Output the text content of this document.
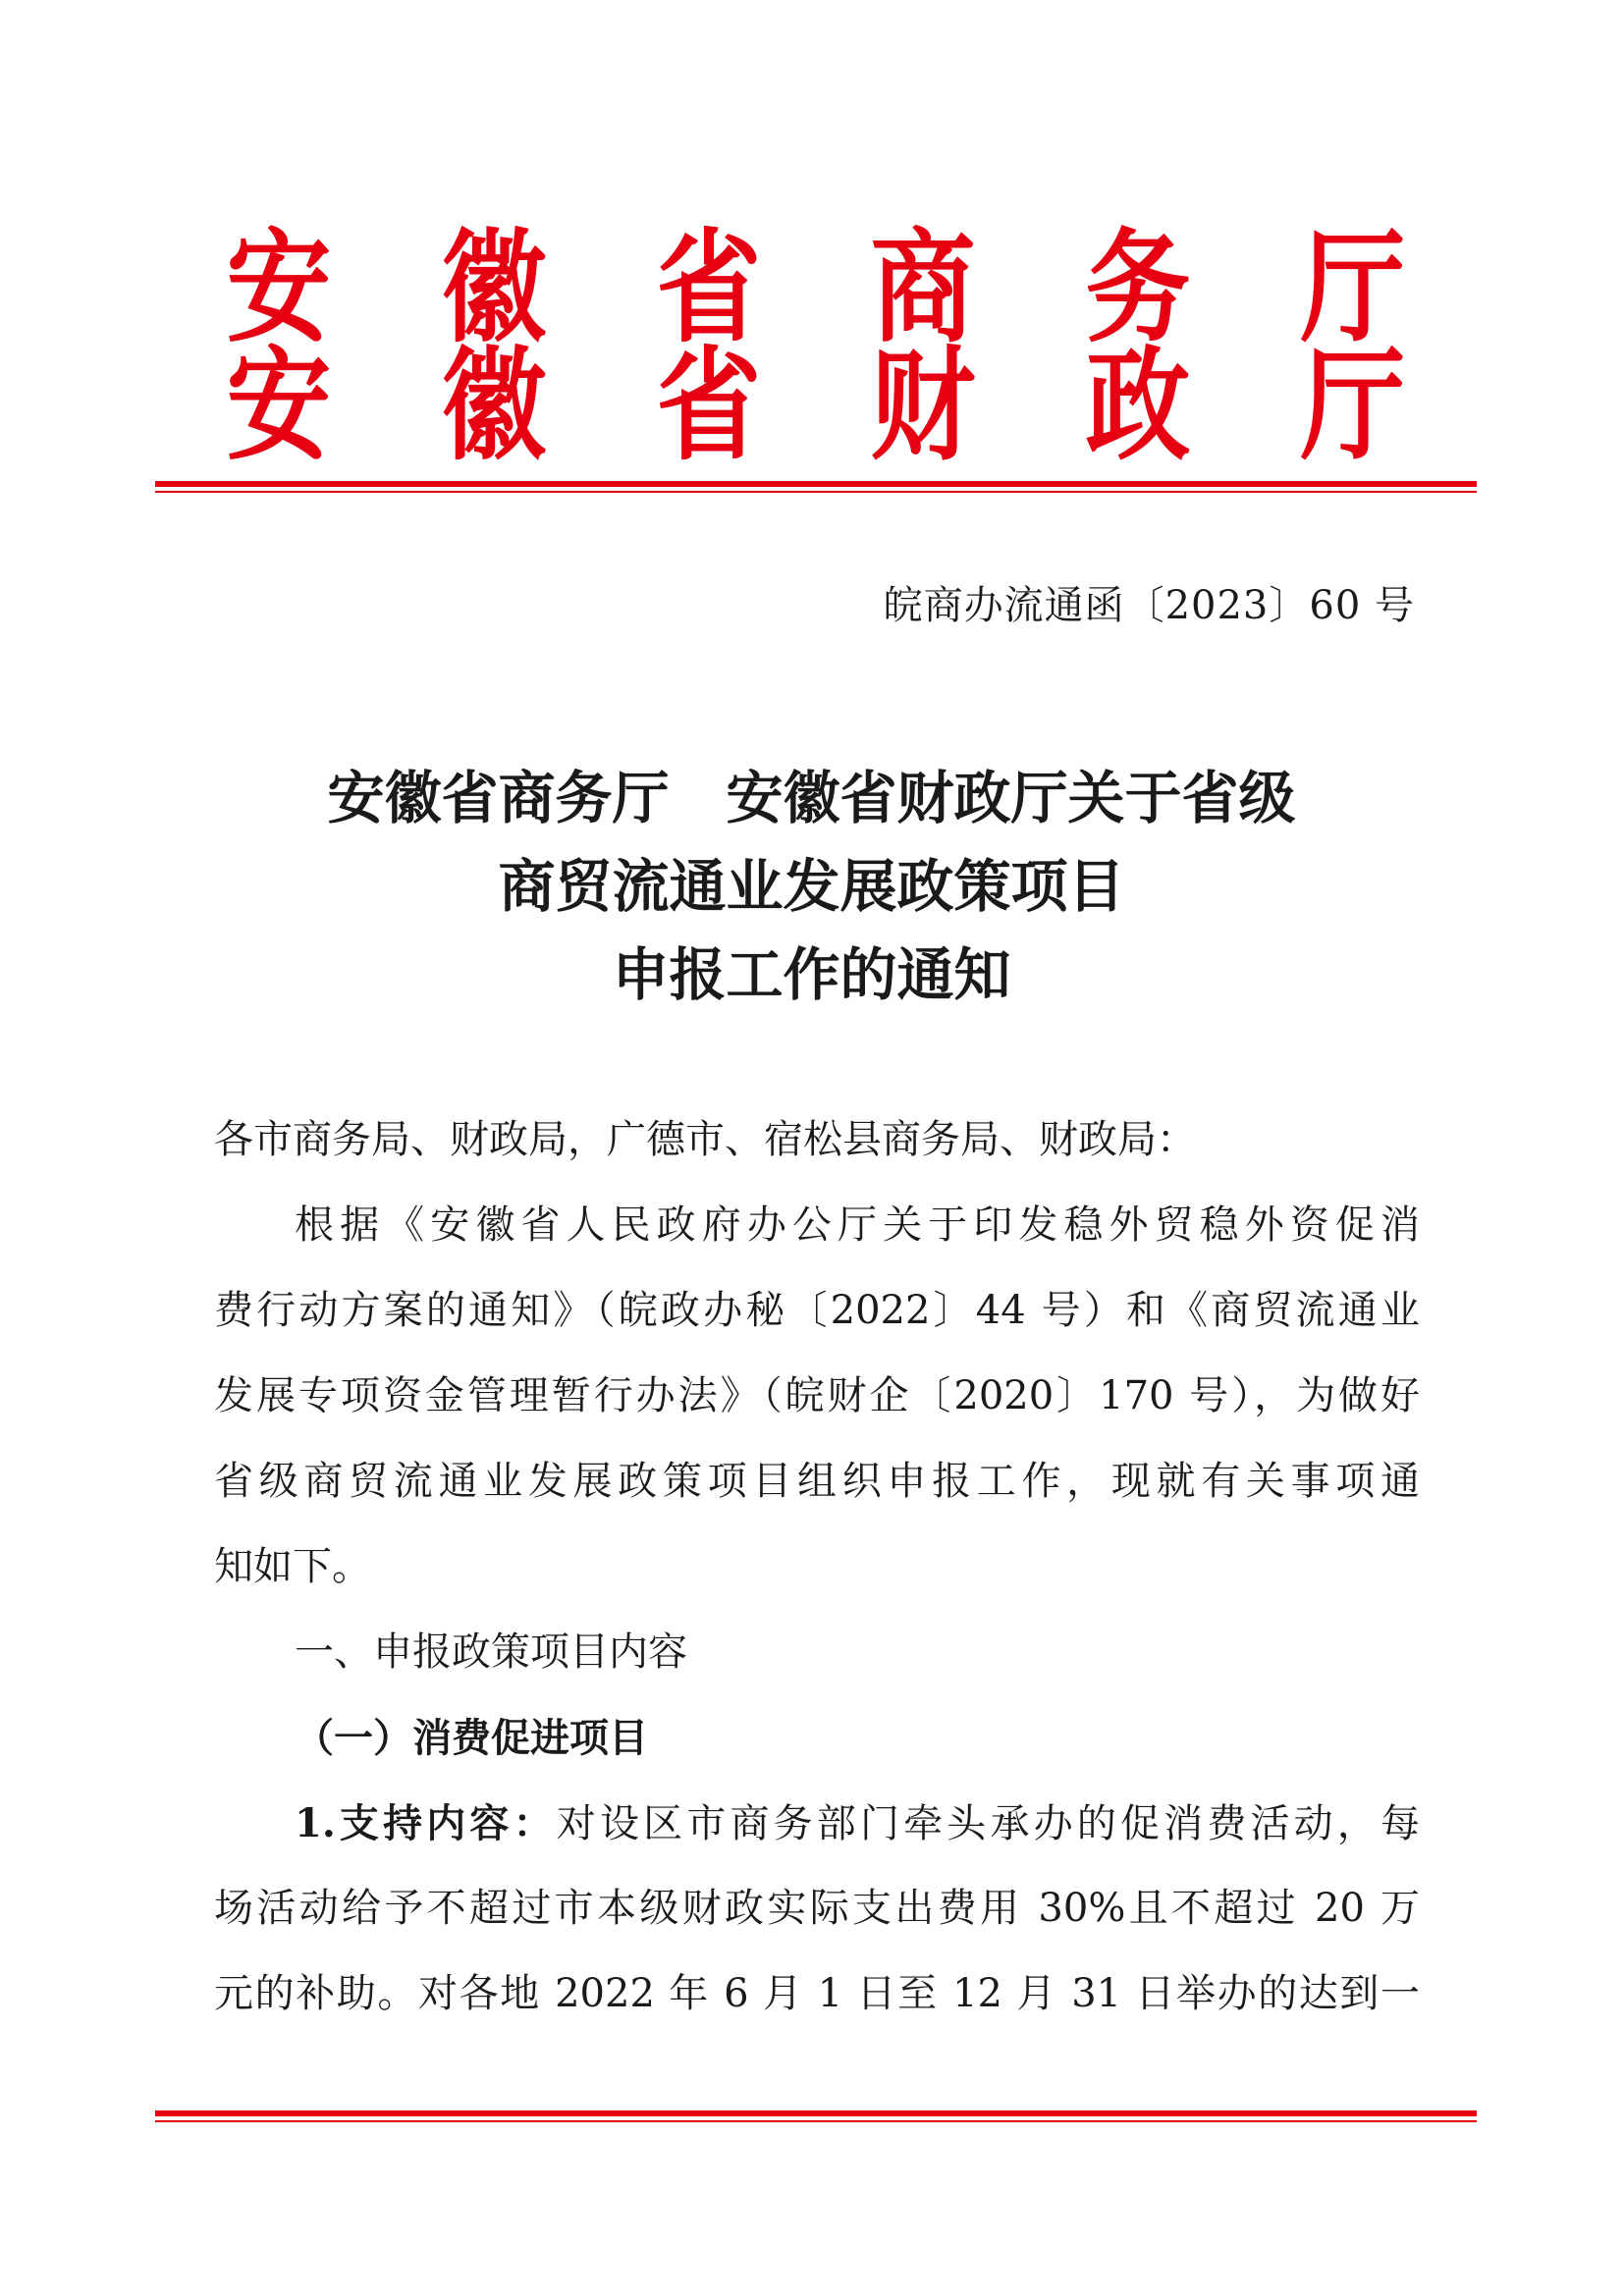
安 徽 省 商 务 厅
安 徽 省 财 政 厅
皖商办流通函〔2023〕60 号
安徽省商务厅　安徽省财政厅关于省级
商贸流通业发展政策项目
申报工作的通知
各市商务局、财政局，广德市、宿松县商务局、财政局：
根据《安徽省人民政府办公厅关于印发稳外贸稳外资促消
费行动方案的通知》（皖政办秘〔2022〕44 号）和《商贸流通业
发展专项资金管理暂行办法》（皖财企〔2020〕170 号），为做好
省级商贸流通业发展政策项目组织申报工作，现就有关事项通
知如下。
一、申报政策项目内容
（一）消费促进项目
1.支持内容：对设区市商务部门牵头承办的促消费活动，每
场活动给予不超过市本级财政实际支出费用 30%且不超过 20 万
元的补助。对各地 2022 年 6 月 1 日至 12 月 31 日举办的达到一
